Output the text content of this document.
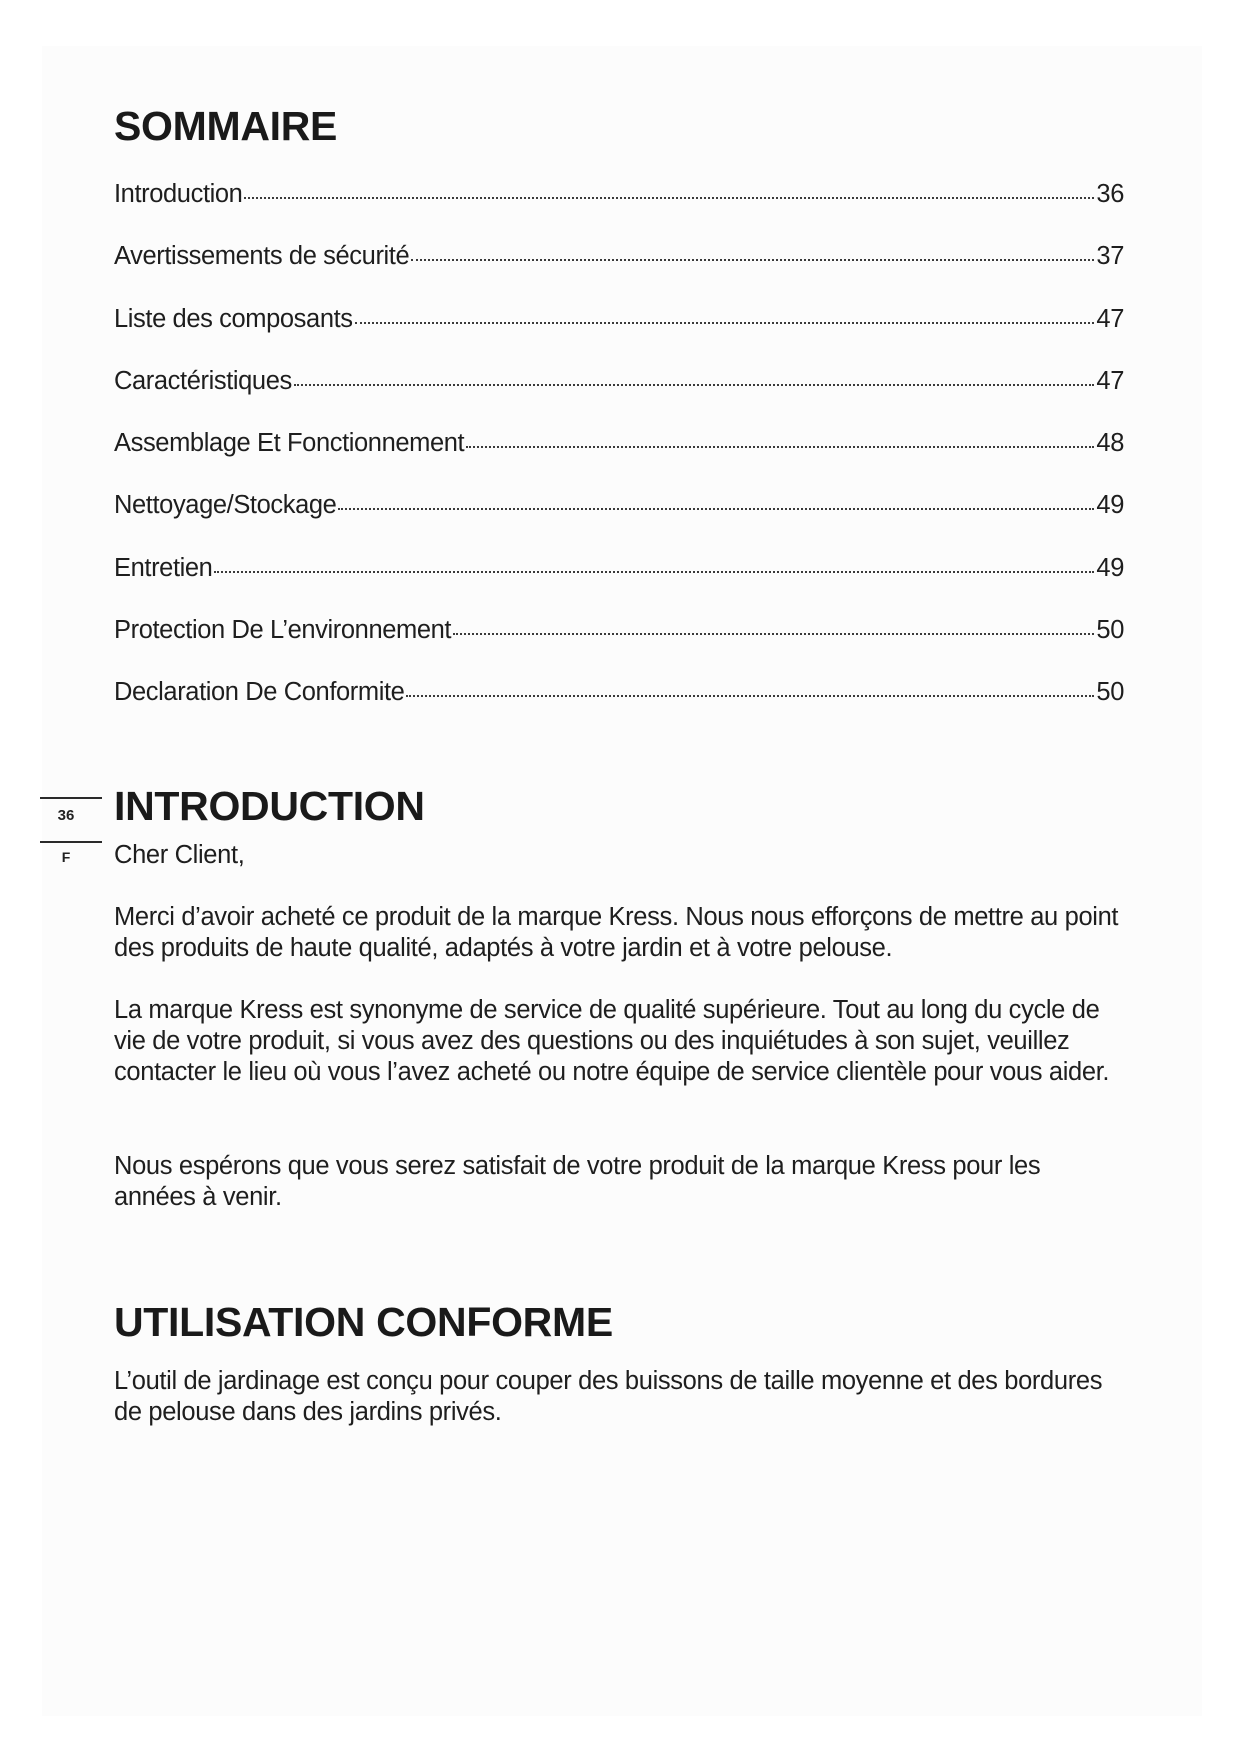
36
F
SOMMAIRE
Introduction	36
Avertissements de sécurité	37
Liste des composants	47
Caractéristiques	47
Assemblage Et Fonctionnement	48
Nettoyage/Stockage	49
Entretien	49
Protection De L’environnement	50
Declaration De Conformite	50
INTRODUCTION

Cher Client,

Merci d’avoir acheté ce produit de la marque Kress. Nous nous efforçons de mettre au point des produits de haute qualité, adaptés à votre jardin et à votre pelouse.

La marque Kress est synonyme de service de qualité supérieure. Tout au long du cycle de vie de votre produit, si vous avez des questions ou des inquiétudes à son sujet, veuillez contacter le lieu où vous l’avez acheté ou notre équipe de service clientèle pour vous aider.

Nous espérons que vous serez satisfait de votre produit de la marque Kress pour les années à venir.

UTILISATION CONFORME

L’outil de jardinage est conçu pour couper des buissons de taille moyenne et des bordures de pelouse dans des jardins privés.
